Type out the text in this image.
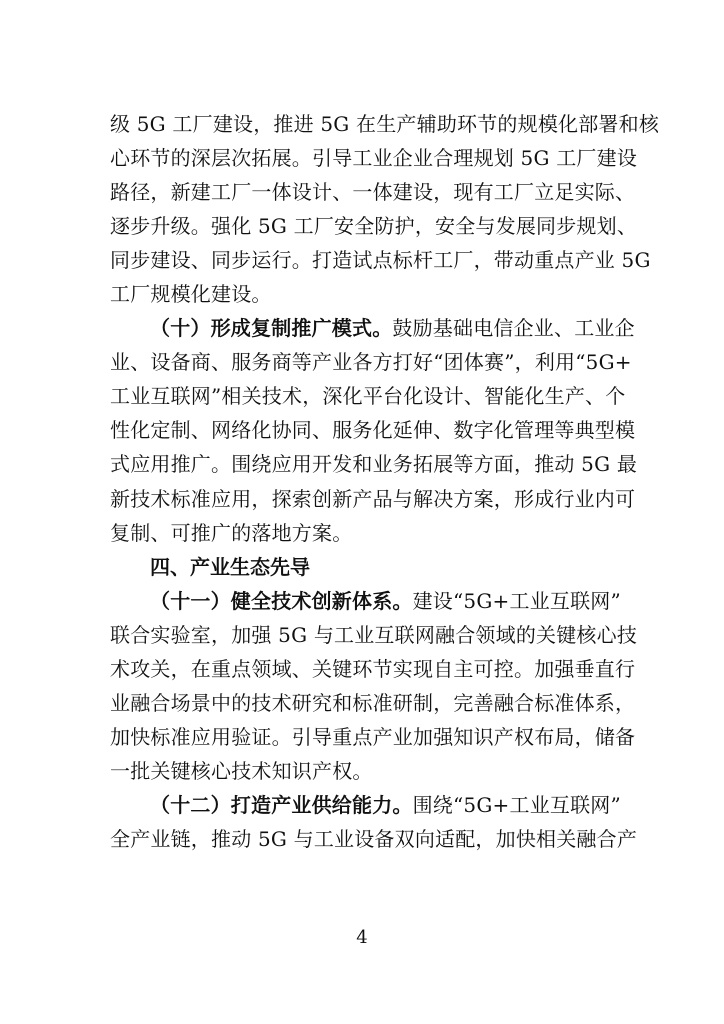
级 5G 工厂建设，推进 5G 在生产辅助环节的规模化部署和核
心环节的深层次拓展。引导工业企业合理规划 5G 工厂建设
路径，新建工厂一体设计、一体建设，现有工厂立足实际、
逐步升级。强化 5G 工厂安全防护，安全与发展同步规划、
同步建设、同步运行。打造试点标杆工厂，带动重点产业 5G
工厂规模化建设。
（十）形成复制推广模式。鼓励基础电信企业、工业企
业、设备商、服务商等产业各方打好“团体赛”，利用“5G+
工业互联网”相关技术，深化平台化设计、智能化生产、个
性化定制、网络化协同、服务化延伸、数字化管理等典型模
式应用推广。围绕应用开发和业务拓展等方面，推动 5G 最
新技术标准应用，探索创新产品与解决方案，形成行业内可
复制、可推广的落地方案。
四、产业生态先导
（十一）健全技术创新体系。建设“5G+工业互联网”
联合实验室，加强 5G 与工业互联网融合领域的关键核心技
术攻关，在重点领域、关键环节实现自主可控。加强垂直行
业融合场景中的技术研究和标准研制，完善融合标准体系，
加快标准应用验证。引导重点产业加强知识产权布局，储备
一批关键核心技术知识产权。
（十二）打造产业供给能力。围绕“5G+工业互联网”
全产业链，推动 5G 与工业设备双向适配，加快相关融合产
4
